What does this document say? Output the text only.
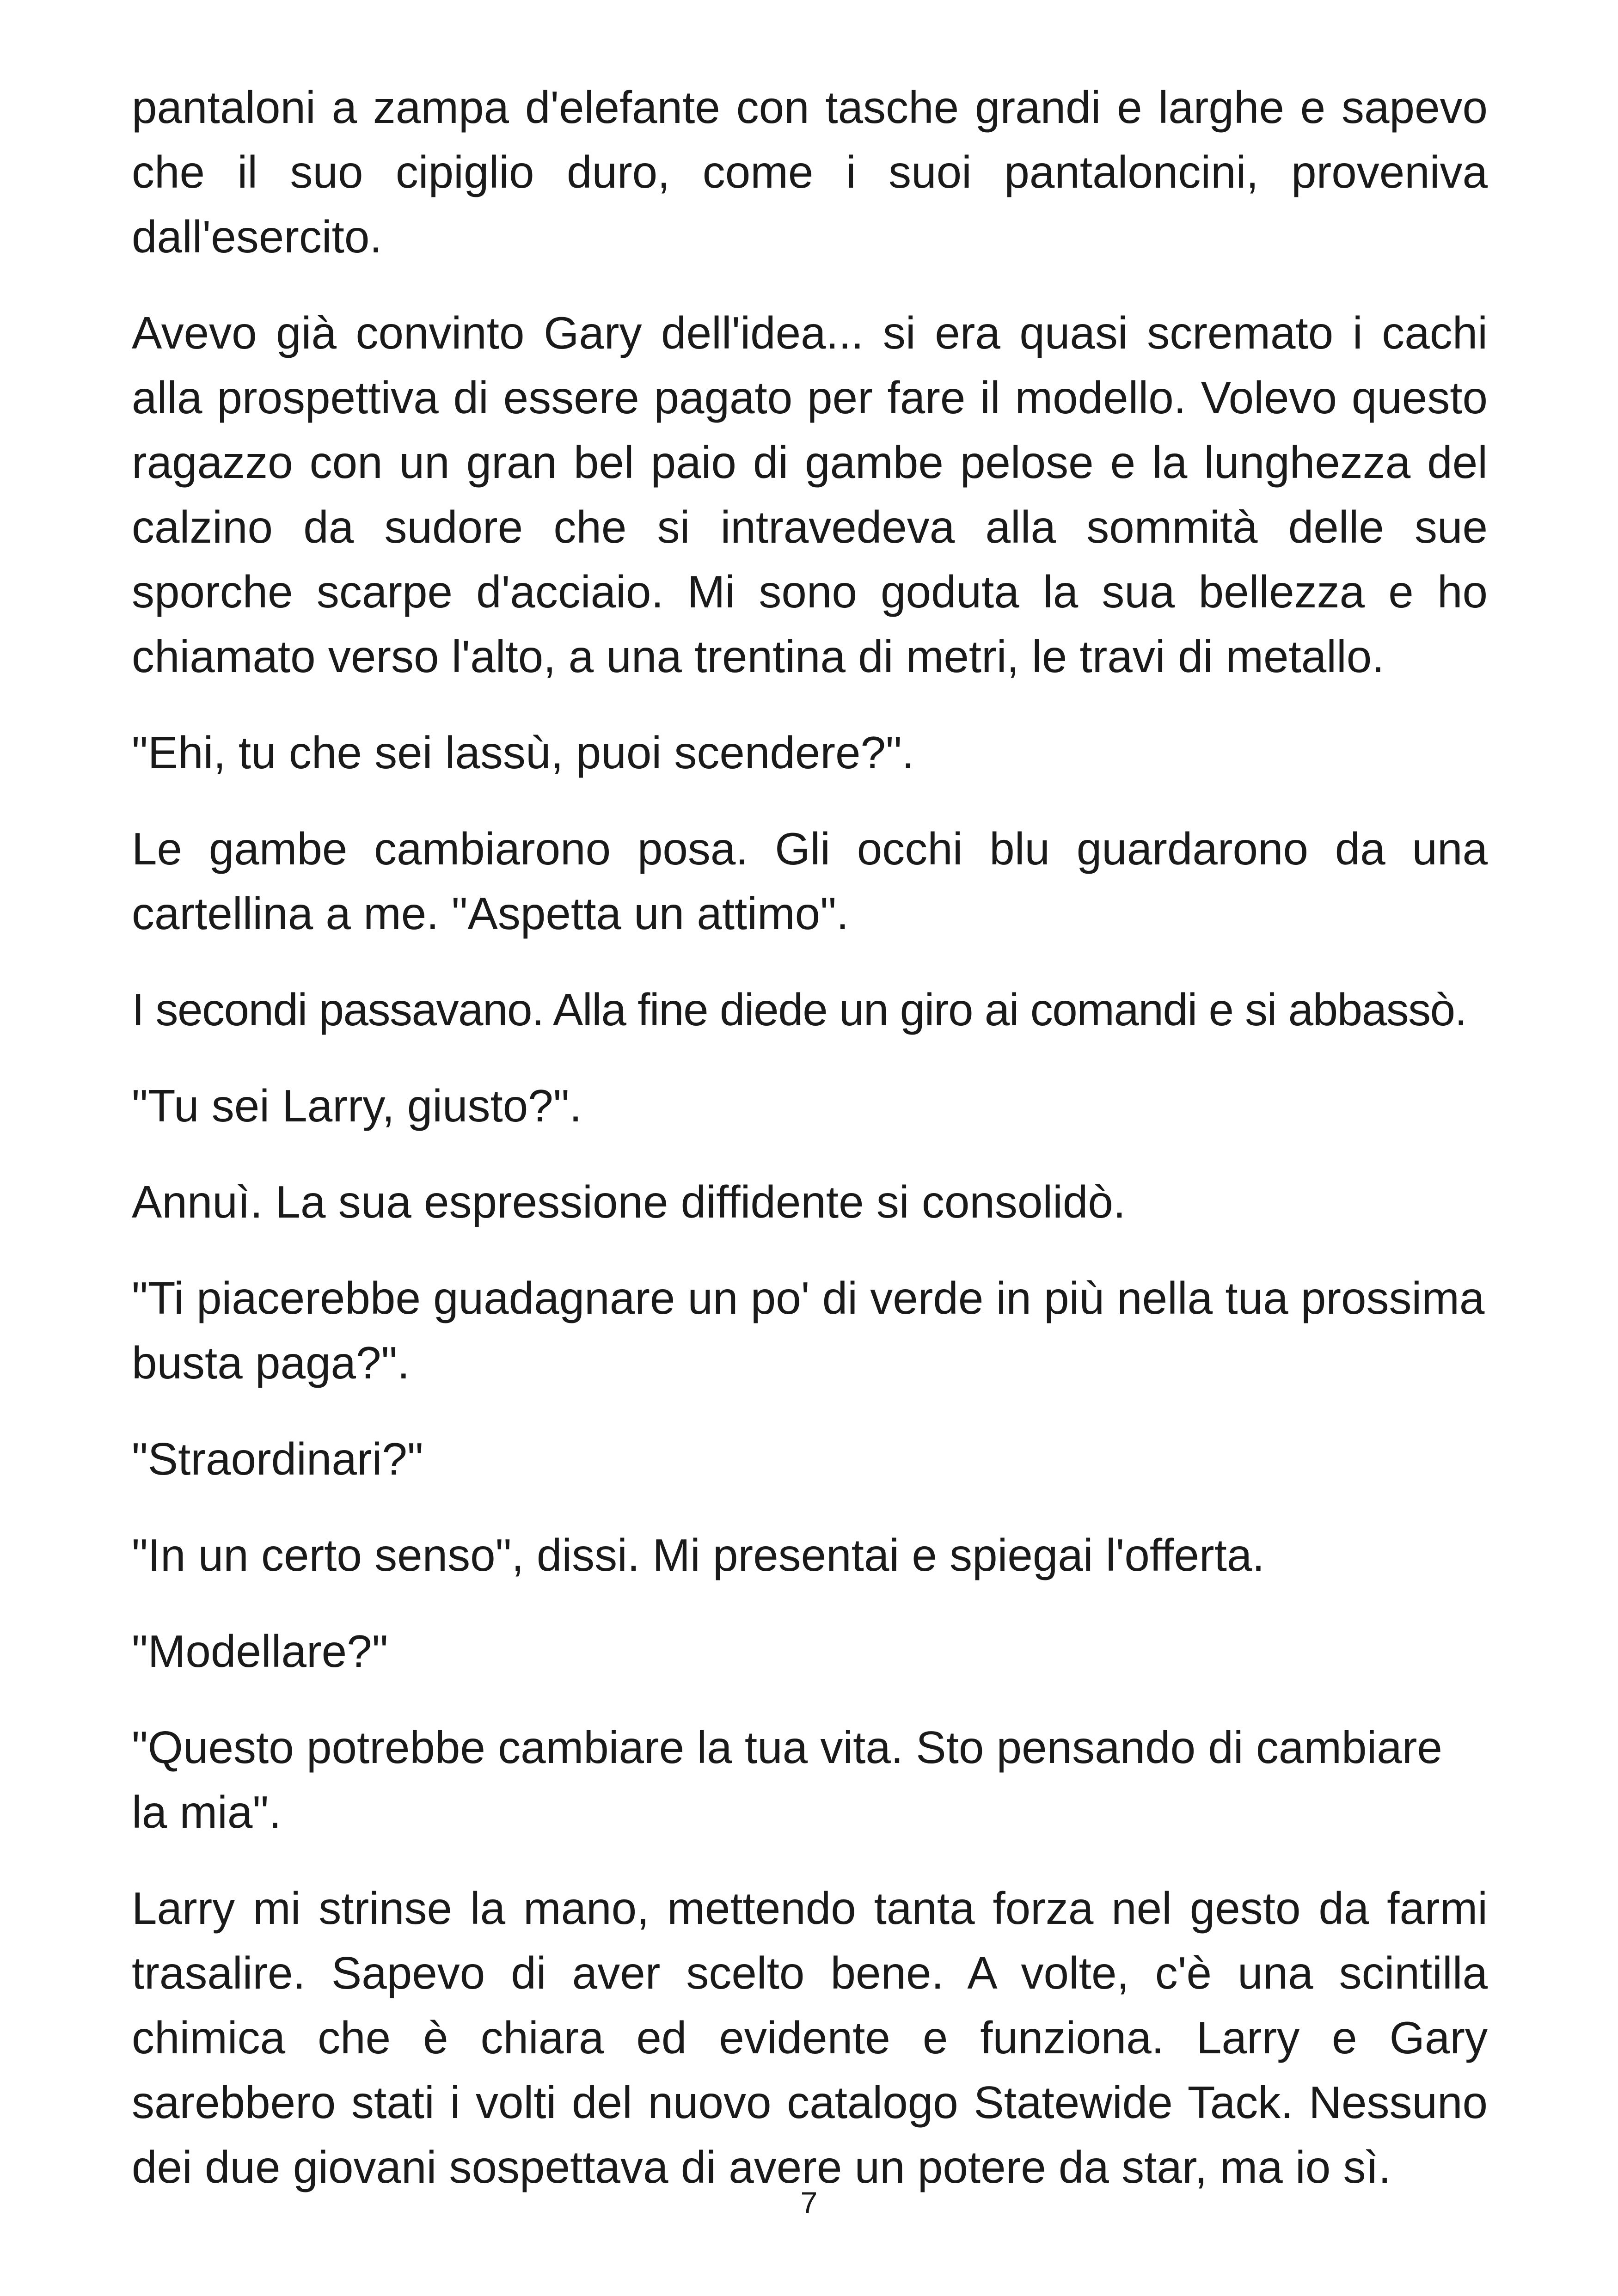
pantaloni a zampa d'elefante con tasche grandi e larghe e sapevo che il suo cipiglio duro, come i suoi pantaloncini, proveniva dall'esercito.

Avevo già convinto Gary dell'idea... si era quasi scremato i cachi alla prospettiva di essere pagato per fare il modello. Volevo questo ragazzo con un gran bel paio di gambe pelose e la lunghezza del calzino da sudore che si intravedeva alla sommità delle sue sporche scarpe d'acciaio. Mi sono goduta la sua bellezza e ho chiamato verso l'alto, a una trentina di metri, le travi di metallo.

"Ehi, tu che sei lassù, puoi scendere?".

Le gambe cambiarono posa. Gli occhi blu guardarono da una cartellina a me. "Aspetta un attimo".

I secondi passavano. Alla fine diede un giro ai comandi e si abbassò.

"Tu sei Larry, giusto?".

Annuì. La sua espressione diffidente si consolidò.

"Ti piacerebbe guadagnare un po' di verde in più nella tua prossima busta paga?".

"Straordinari?"

"In un certo senso", dissi. Mi presentai e spiegai l'offerta.

"Modellare?"

"Questo potrebbe cambiare la tua vita. Sto pensando di cambiare la mia".

Larry mi strinse la mano, mettendo tanta forza nel gesto da farmi trasalire. Sapevo di aver scelto bene. A volte, c'è una scintilla chimica che è chiara ed evidente e funziona. Larry e Gary sarebbero stati i volti del nuovo catalogo Statewide Tack. Nessuno dei due giovani sospettava di avere un potere da star, ma io sì.

7
